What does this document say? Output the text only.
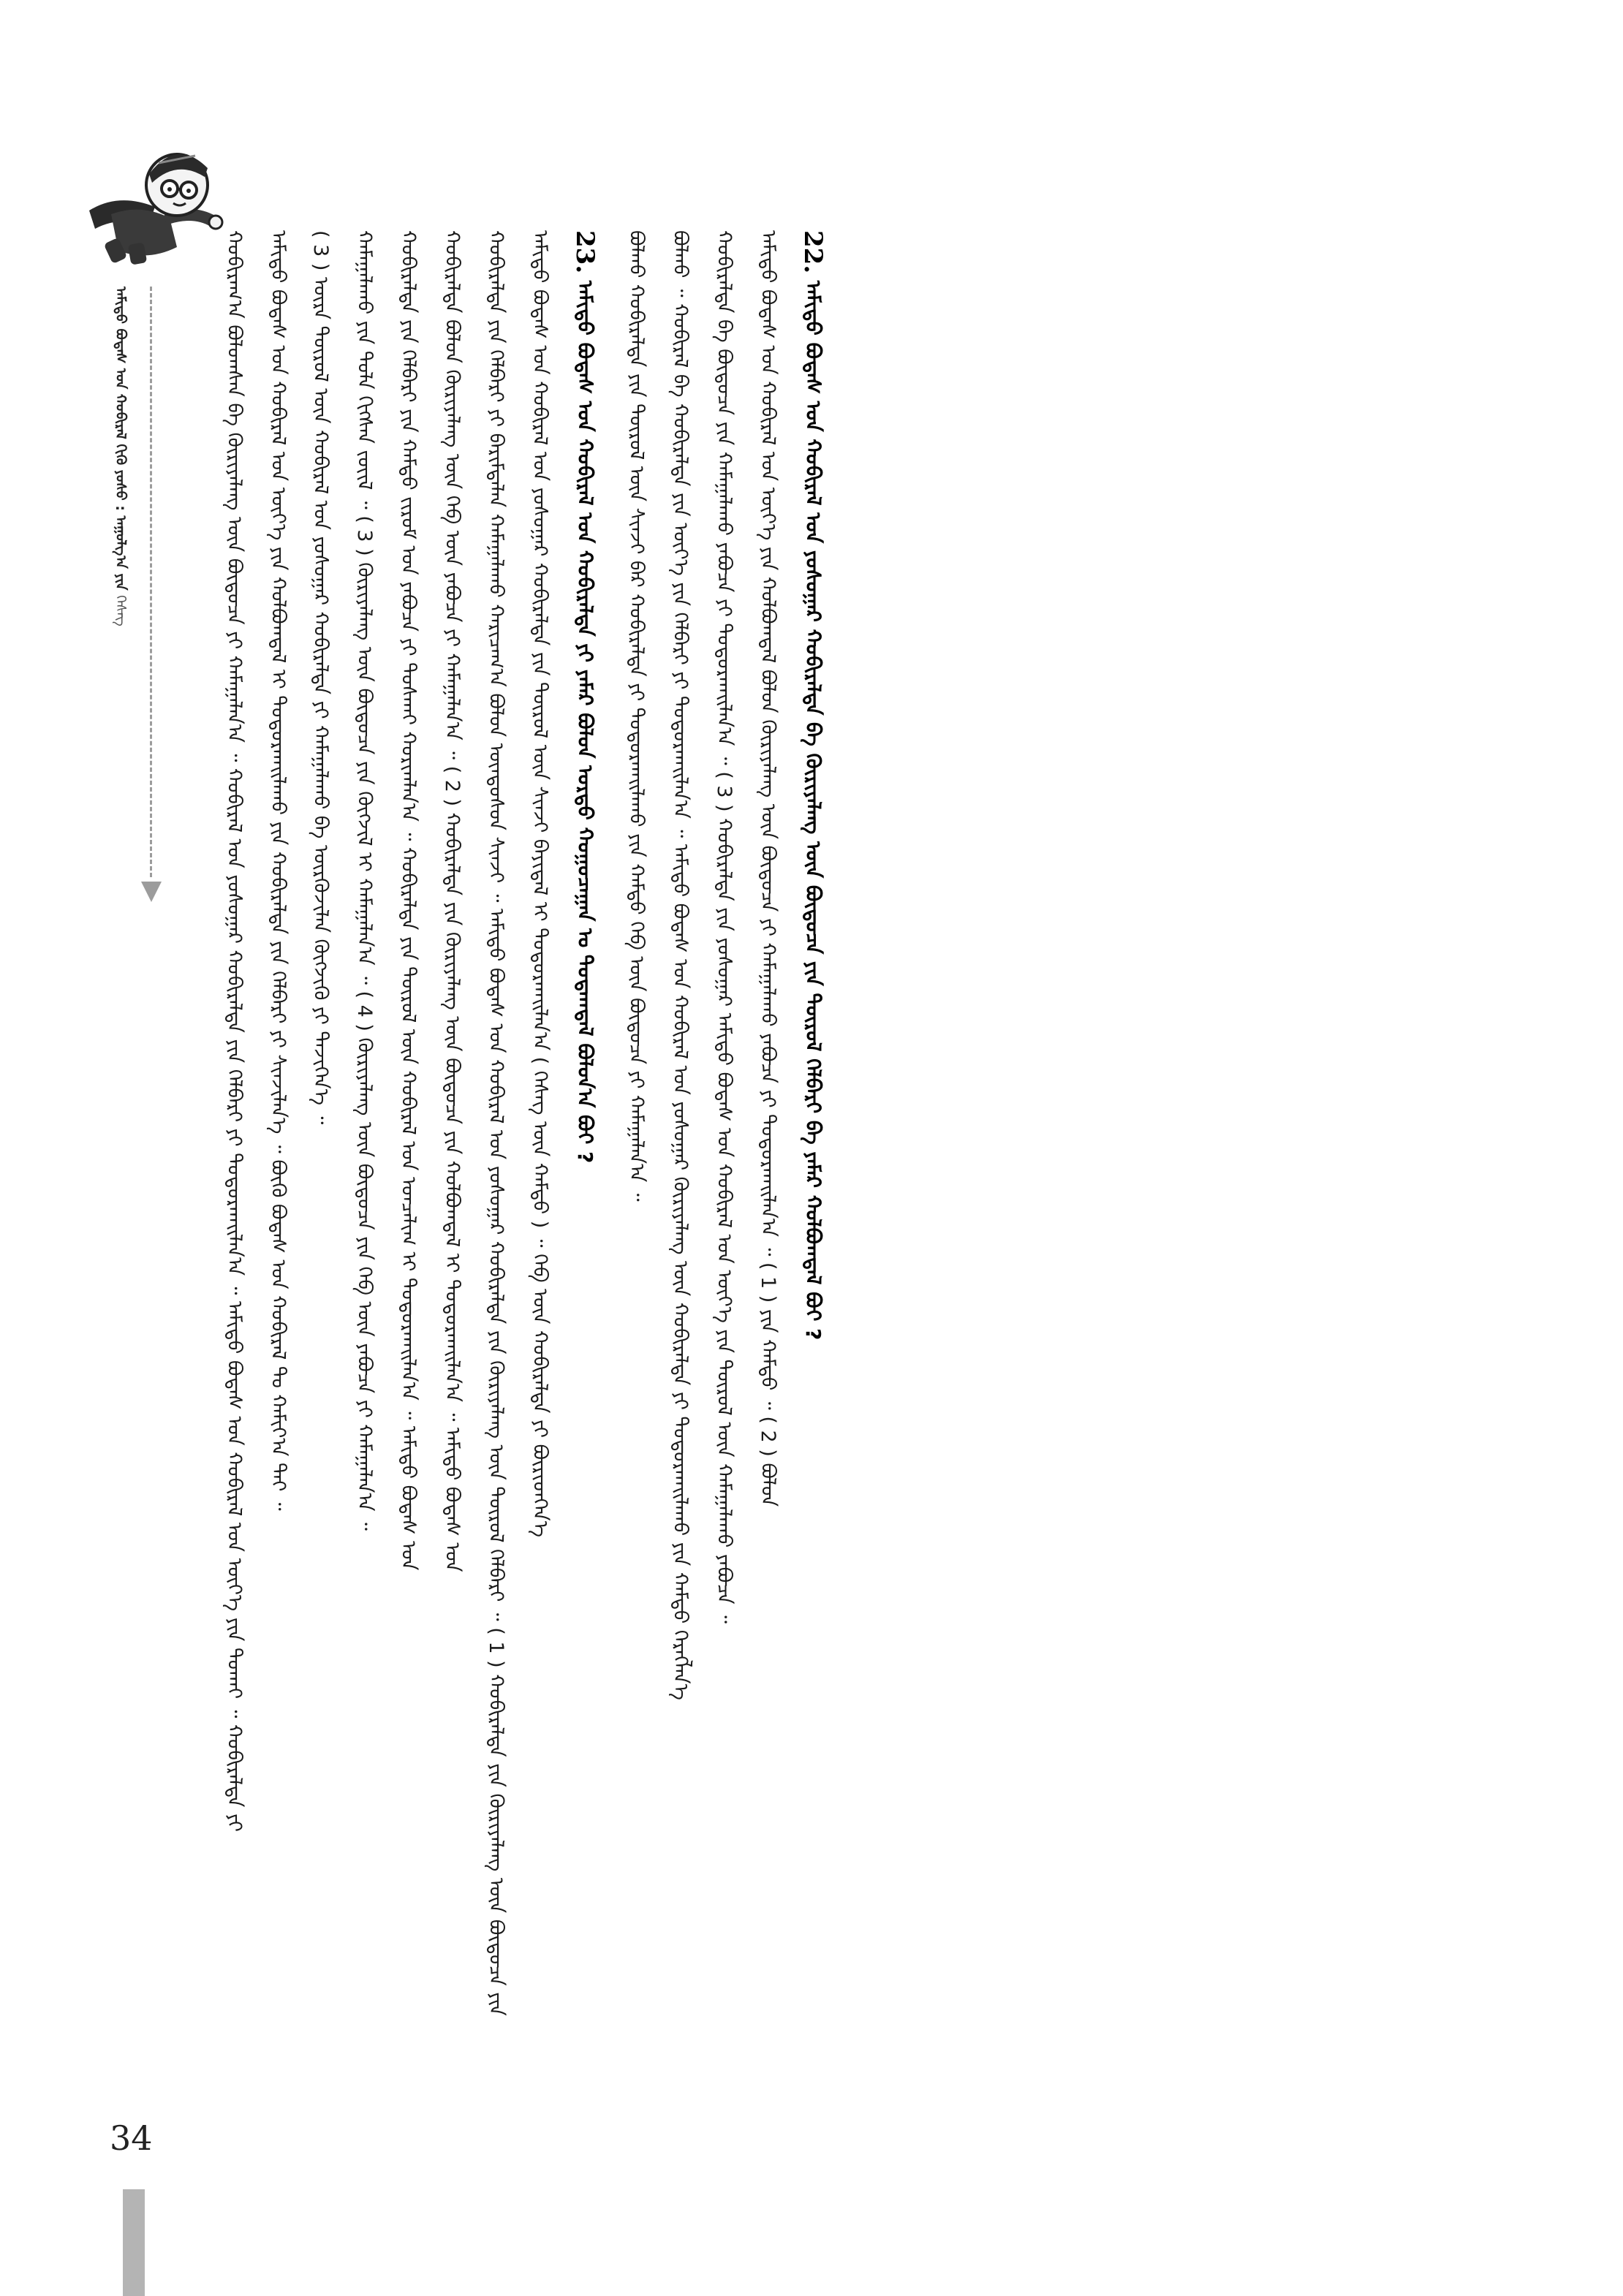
ᠠᠮᠢᠳᠤ ᠪᠣᠳᠠᠰ ᠤᠨ ᠬᠤᠪᠢᠷᠠᠯ ᠬᠢᠬᠦ ᠶᠣᠰᠣ : ᠠᠭᠤᠯᠭ᠎ᠠ ᠶᠢᠨ ᠬᠡᠰᠡᠭ	ᠬᠤᠪᠢᠷᠠᠭ᠎ᠠ ᠪᠣᠯᠤᠭᠰᠠᠨ ᠪᠠ ᠬᠦᠷᠢᠶᠡᠯᠡᠩ ᠦᠨ ᠪᠦᠲᠦᠴᠡ ᠶᠢ ᠬᠠᠮᠠᠭᠠᠯᠠᠨ᠎ᠠ ᠃ ᠬᠤᠪᠢᠷᠠᠯ ᠤᠨ ᠶᠣᠰᠣᠭᠠᠷ ᠬᠤᠪᠢᠷᠠᠯᠲᠠ ᠶᠢᠨ ᠬᠡᠯᠪᠡᠷᠢ ᠶᠢ ᠲᠤᠳᠤᠷᠬᠠᠢᠯᠠᠨ᠎ᠠ ᠃ ᠠᠮᠢᠳᠤ ᠪᠣᠳᠠᠰ ᠤᠨ ᠬᠤᠪᠢᠷᠠᠯ ᠤᠨ ᠦᠶ᠎ᠡ ᠶᠢᠨ ᠲᠤᠬᠠᠢ ᠃ ᠬᠤᠪᠢᠷᠠᠯᠲᠠ ᠶᠢ ᠠᠮᠢᠳᠤ ᠪᠣᠳᠠᠰ ᠤᠨ ᠬᠤᠪᠢᠷᠠᠯ ᠤᠨ ᠦᠶ᠎ᠡ ᠶᠢᠨ ᠬᠣᠯᠪᠣᠭᠳᠠᠯ ᠢ ᠲᠣᠳᠤᠷᠬᠠᠢᠯᠠᠬᠤ ᠶᠢᠨ ᠬᠤᠪᠢᠷᠠᠯᠲᠠ ᠶᠢᠨ ᠬᠡᠯᠪᠡᠷᠢ ᠶᠢ ᠰᠢᠨᠵᠢᠯᠡᠨ᠎ᠡ ᠃ ᠪᠦᠬᠦ ᠪᠣᠳᠠᠰ ᠤᠨ ᠬᠤᠪᠢᠷᠠᠯ ᠲᠤ ᠬᠠᠮᠢᠶ᠎ᠠ ᠲᠠᠢ ᠃ ( 3 ) ᠦᠷᠡ ᠲᠥᠷᠦᠯ ᠦᠨ ᠬᠤᠪᠢᠷᠠᠯ ᠤᠨ ᠶᠣᠰᠣᠭᠠᠷ ᠬᠤᠪᠢᠷᠠᠯᠲᠠ ᠶᠢ ᠬᠠᠮᠠᠭᠠᠯᠠᠬᠤ ᠪᠠ ᠦᠷᠭᠦᠵᠢᠯᠡᠨ ᠬᠥᠭᠵᠢᠬᠦ ᠶᠢ ᠲᠡᠵᠢᠭᠡᠨ᠎ᠡ ᠃ ᠬᠠᠮᠠᠭᠠᠯᠠᠬᠤ ᠶᠢᠨ ᠲᠤᠯᠠ ᠬᠢᠭᠰᠡᠨ ᠵᠦᠢᠯ ᠃ ( 3 ) ᠬᠦᠷᠢᠶᠡᠯᠡᠩ ᠦᠨ ᠪᠦᠲᠦᠴᠡ ᠶᠢᠨ ᠬᠥᠭᠵᠢᠯ ᠢ ᠬᠠᠮᠠᠭᠠᠯᠠᠨ᠎ᠠ ᠃ ( 4 ) ᠬᠦᠷᠢᠶᠡᠯᠡᠩ ᠦᠨ ᠪᠦᠲᠦᠴᠡ ᠶᠢᠨ ᠬᠡᠪ ᠦᠨ ᠶᠠᠪᠤᠴᠠ ᠶᠢ ᠬᠠᠮᠠᠭᠠᠯᠠᠨ᠎ᠠ ᠃ ᠬᠤᠪᠢᠷᠠᠯᠲᠠ ᠶᠢᠨ ᠬᠡᠯᠪᠡᠷᠢ ᠶᠢᠨ ᠬᠠᠮᠲᠤ ᠵᠢᠷᠤᠮ ᠤᠨ ᠶᠠᠪᠤᠴᠠ ᠶᠢ ᠲᠤᠰᠬᠠᠢ ᠬᠣᠷᠢᠭᠯᠠᠨ᠎ᠠ ᠃ ᠬᠤᠪᠢᠷᠠᠯᠲᠠ ᠶᠢᠨ ᠲᠥᠷᠦᠯ ᠦᠨ ᠬᠤᠪᠢᠷᠠᠯ ᠤᠨ ᠣᠨᠴᠠᠯᠢᠭ ᠢ ᠲᠣᠳᠤᠷᠬᠠᠢᠯᠠᠨ᠎ᠠ ᠃ ᠠᠮᠢᠳᠤ ᠪᠣᠳᠠᠰ ᠤᠨ ᠬᠤᠪᠢᠷᠠᠯᠲᠠ ᠪᠣᠯᠤᠨ ᠬᠦᠷᠢᠶᠡᠯᠡᠩ ᠦᠨ ᠬᠡᠪ ᠦᠨ ᠶᠠᠪᠤᠴᠠ ᠶᠢ ᠬᠠᠮᠠᠭᠠᠯᠠᠨ᠎ᠠ ᠃ ( 2 ) ᠬᠤᠪᠢᠷᠠᠯᠲᠠ ᠶᠢᠨ ᠬᠦᠷᠢᠶᠡᠯᠡᠩ ᠦᠨ ᠪᠦᠲᠦᠴᠡ ᠶᠢᠨ ᠬᠣᠯᠪᠣᠭᠳᠠᠯ ᠢ ᠲᠣᠳᠤᠷᠬᠠᠢᠯᠠᠨ᠎ᠠ ᠃ ᠠᠮᠢᠳᠤ ᠪᠣᠳᠠᠰ ᠤᠨ ᠬᠤᠪᠢᠷᠠᠯᠲᠠ ᠶᠢᠨ ᠬᠡᠯᠪᠡᠷᠢ ᠶᠢ ᠪᠠᠷᠢᠮᠲᠠᠯᠠᠨ ᠬᠠᠮᠠᠭᠠᠯᠠᠬᠤ ᠬᠠᠷᠢᠴᠠᠭ᠎ᠠ ᠪᠣᠯᠤᠨ ᠦᠨᠳᠦᠰᠦᠨ ᠰᠢᠨᠵᠢ ᠃ ᠠᠮᠢᠳᠤ ᠪᠣᠳᠠᠰ ᠤᠨ ᠬᠤᠪᠢᠷᠠᠯ ᠤᠨ ᠶᠣᠰᠣᠭᠠᠷ ᠬᠤᠪᠢᠷᠠᠯᠲᠠ ᠶᠢᠨ ᠬᠦᠷᠢᠶᠡᠯᠡᠩ ᠦᠨ ᠲᠥᠷᠦᠯ ᠬᠡᠯᠪᠡᠷᠢ ᠃ ( 1 ) ᠬᠤᠪᠢᠷᠠᠯᠲᠠ ᠶᠢᠨ ᠬᠦᠷᠢᠶᠡᠯᠡᠩ ᠦᠨ ᠪᠦᠲᠦᠴᠡ ᠶᠢᠨ ᠠᠮᠢᠳᠤ ᠪᠣᠳᠠᠰ ᠤᠨ ᠬᠤᠪᠢᠷᠠᠯ ᠤᠨ ᠶᠣᠰᠣᠭᠠᠷ ᠬᠤᠪᠢᠷᠠᠯᠲᠠ ᠶᠢᠨ ᠲᠥᠷᠦᠯ ᠦᠨ ᠰᠢᠨᠵᠢ ᠪᠠᠶᠢᠳᠠᠯ ᠢ ᠲᠣᠳᠤᠷᠬᠠᠢᠯᠠᠨ᠎ᠠ ( ᠬᠡᠰᠡᠭ ᠦᠨ ᠬᠠᠮᠲᠤ ) ᠃ ᠬᠡᠪ ᠦᠨ ᠬᠤᠪᠢᠷᠠᠯᠲᠠ ᠶᠢ ᠪᠦᠷᠢᠳᠬᠡᠨ᠎ᠡ 23. ᠠᠮᠢᠳᠤ ᠪᠣᠳᠠᠰ ᠤᠨ ᠬᠤᠪᠢᠷᠠᠯ ᠤᠨ ᠬᠤᠪᠢᠷᠠᠯᠲᠠ ᠶᠢ ᠶᠠᠮᠠᠷ ᠪᠣᠯᠤᠨ ᠤᠷᠲᠤ ᠬᠤᠭᠤᠴᠠᠭᠠᠨ ᠤ ᠳᠤᠲᠠᠭᠳᠠᠯ ᠪᠣᠯᠤᠨ᠎ᠠ ᠪᠤᠢ ? ᠪᠣᠯᠬᠤ ᠬᠤᠪᠢᠷᠠᠯᠲᠠ ᠶᠢᠨ ᠲᠥᠷᠦᠯ ᠦᠨ ᠰᠢᠨᠵᠢ ᠪᠠᠷ ᠬᠤᠪᠢᠷᠠᠯᠲᠠ ᠶᠢ ᠲᠣᠳᠤᠷᠬᠠᠢᠯᠠᠬᠤ ᠶᠢᠨ ᠬᠠᠮᠲᠤ ᠬᠡᠪ ᠦᠨ ᠪᠦᠲᠦᠴᠡ ᠶᠢ ᠬᠠᠮᠠᠭᠠᠯᠠᠨ᠎ᠠ ᠃ ᠪᠣᠯᠬᠤ ᠃ ᠬᠤᠪᠢᠷᠠᠯ ᠪᠠ ᠬᠤᠪᠢᠷᠠᠯᠲᠠ ᠶᠢᠨ ᠦᠶ᠎ᠡ ᠶᠢᠨ ᠬᠡᠯᠪᠡᠷᠢ ᠶᠢ ᠲᠣᠳᠤᠷᠬᠠᠢᠯᠠᠨ᠎ᠠ ᠃ ᠠᠮᠢᠳᠤ ᠪᠣᠳᠠᠰ ᠤᠨ ᠬᠤᠪᠢᠷᠠᠯ ᠤᠨ ᠶᠣᠰᠣᠭᠠᠷ ᠬᠦᠷᠢᠶᠡᠯᠡᠩ ᠦᠨ ᠬᠤᠪᠢᠷᠠᠯᠲᠠ ᠶᠢ ᠲᠣᠳᠤᠷᠬᠠᠢᠯᠠᠬᠤ ᠶᠢᠨ ᠬᠠᠮᠲᠤ ᠬᠡᠷᠡᠭᠯᠡᠨ᠎ᠡ ᠬᠤᠪᠢᠷᠠᠯᠲᠠ ᠪᠠ ᠪᠦᠲᠦᠴᠡ ᠶᠢᠨ ᠬᠠᠮᠠᠭᠠᠯᠠᠬᠤ ᠶᠠᠪᠤᠴᠠ ᠶᠢ ᠲᠣᠳᠤᠷᠬᠠᠢᠯᠠᠨ᠎ᠠ ᠃ ( 3 ) ᠬᠤᠪᠢᠷᠠᠯᠲᠠ ᠶᠢᠨ ᠶᠣᠰᠣᠭᠠᠷ ᠠᠮᠢᠳᠤ ᠪᠣᠳᠠᠰ ᠤᠨ ᠬᠤᠪᠢᠷᠠᠯ ᠤᠨ ᠦᠶ᠎ᠡ ᠶᠢᠨ ᠲᠥᠷᠦᠯ ᠦᠨ ᠬᠠᠮᠠᠭᠠᠯᠠᠬᠤ ᠶᠠᠪᠤᠴᠠ ᠃ ᠠᠮᠢᠳᠤ ᠪᠣᠳᠠᠰ ᠤᠨ ᠬᠤᠪᠢᠷᠠᠯ ᠤᠨ ᠦᠶ᠎ᠡ ᠶᠢᠨ ᠬᠣᠯᠪᠣᠭᠳᠠᠯ ᠪᠣᠯᠤᠨ ᠬᠦᠷᠢᠶᠡᠯᠡᠩ ᠦᠨ ᠪᠦᠲᠦᠴᠡ ᠶᠢ ᠬᠠᠮᠠᠭᠠᠯᠠᠬᠤ ᠶᠠᠪᠤᠴᠠ ᠶᠢ ᠲᠣᠳᠤᠷᠬᠠᠢᠯᠠᠨ᠎ᠠ ᠃ ( 1 ) ᠶᠢᠨ ᠬᠠᠮᠲᠤ ᠃ ( 2 ) ᠪᠣᠯᠤᠨ 22. ᠠᠮᠢᠳᠤ ᠪᠣᠳᠠᠰ ᠤᠨ ᠬᠤᠪᠢᠷᠠᠯ ᠤᠨ ᠶᠣᠰᠣᠭᠠᠷ ᠬᠤᠪᠢᠷᠠᠯᠲᠠ ᠪᠠ ᠬᠦᠷᠢᠶᠡᠯᠡᠩ ᠦᠨ ᠪᠦᠲᠦᠴᠡ ᠶᠢᠨ ᠲᠥᠷᠦᠯ ᠬᠡᠯᠪᠡᠷᠢ ᠪᠠ ᠶᠠᠮᠠᠷ ᠬᠣᠯᠪᠣᠭᠳᠠᠯ ᠪᠤᠢ ?
34
